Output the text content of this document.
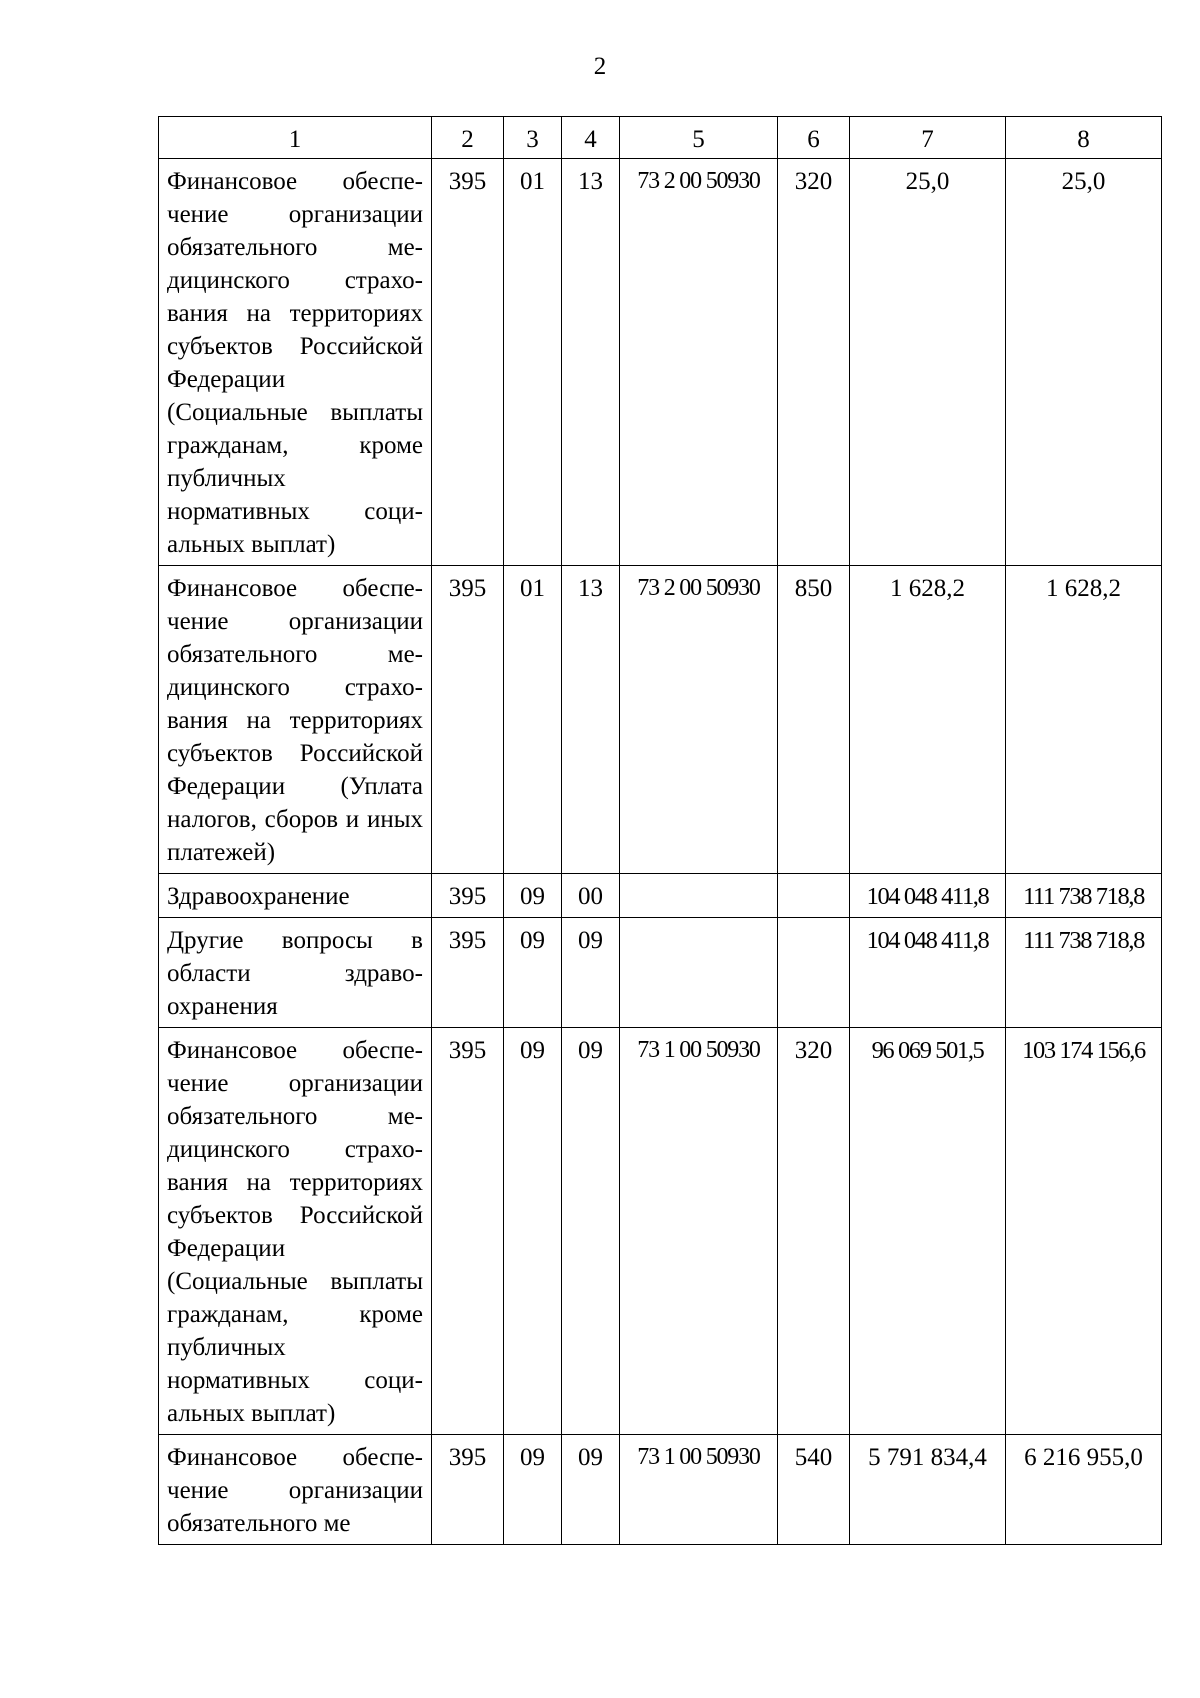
2
1	2	3	4	5	6	7	8
Финансовое обеспечение организации обязательного медицинского страхования на территориях субъектов Российской Федерации (Социальные выплаты гражданам, кроме публичных нормативных социальных выплат)	395	01	13	73 2 00 50930	320	25,0	25,0
Финансовое обеспечение организации обязательного медицинского страхования на территориях субъектов Российской Федерации (Уплата налогов, сборов и иных платежей)	395	01	13	73 2 00 50930	850	1 628,2	1 628,2
Здравоохранение	395	09	00			104 048 411,8	111 738 718,8
Другие вопросы в области здравоохранения	395	09	09			104 048 411,8	111 738 718,8
Финансовое обеспечение организации обязательного медицинского страхования на территориях субъектов Российской Федерации (Социальные выплаты гражданам, кроме публичных нормативных социальных выплат)	395	09	09	73 1 00 50930	320	96 069 501,5	103 174 156,6
Финансовое обеспечение организации обязательного ме	395	09	09	73 1 00 50930	540	5 791 834,4	6 216 955,0
